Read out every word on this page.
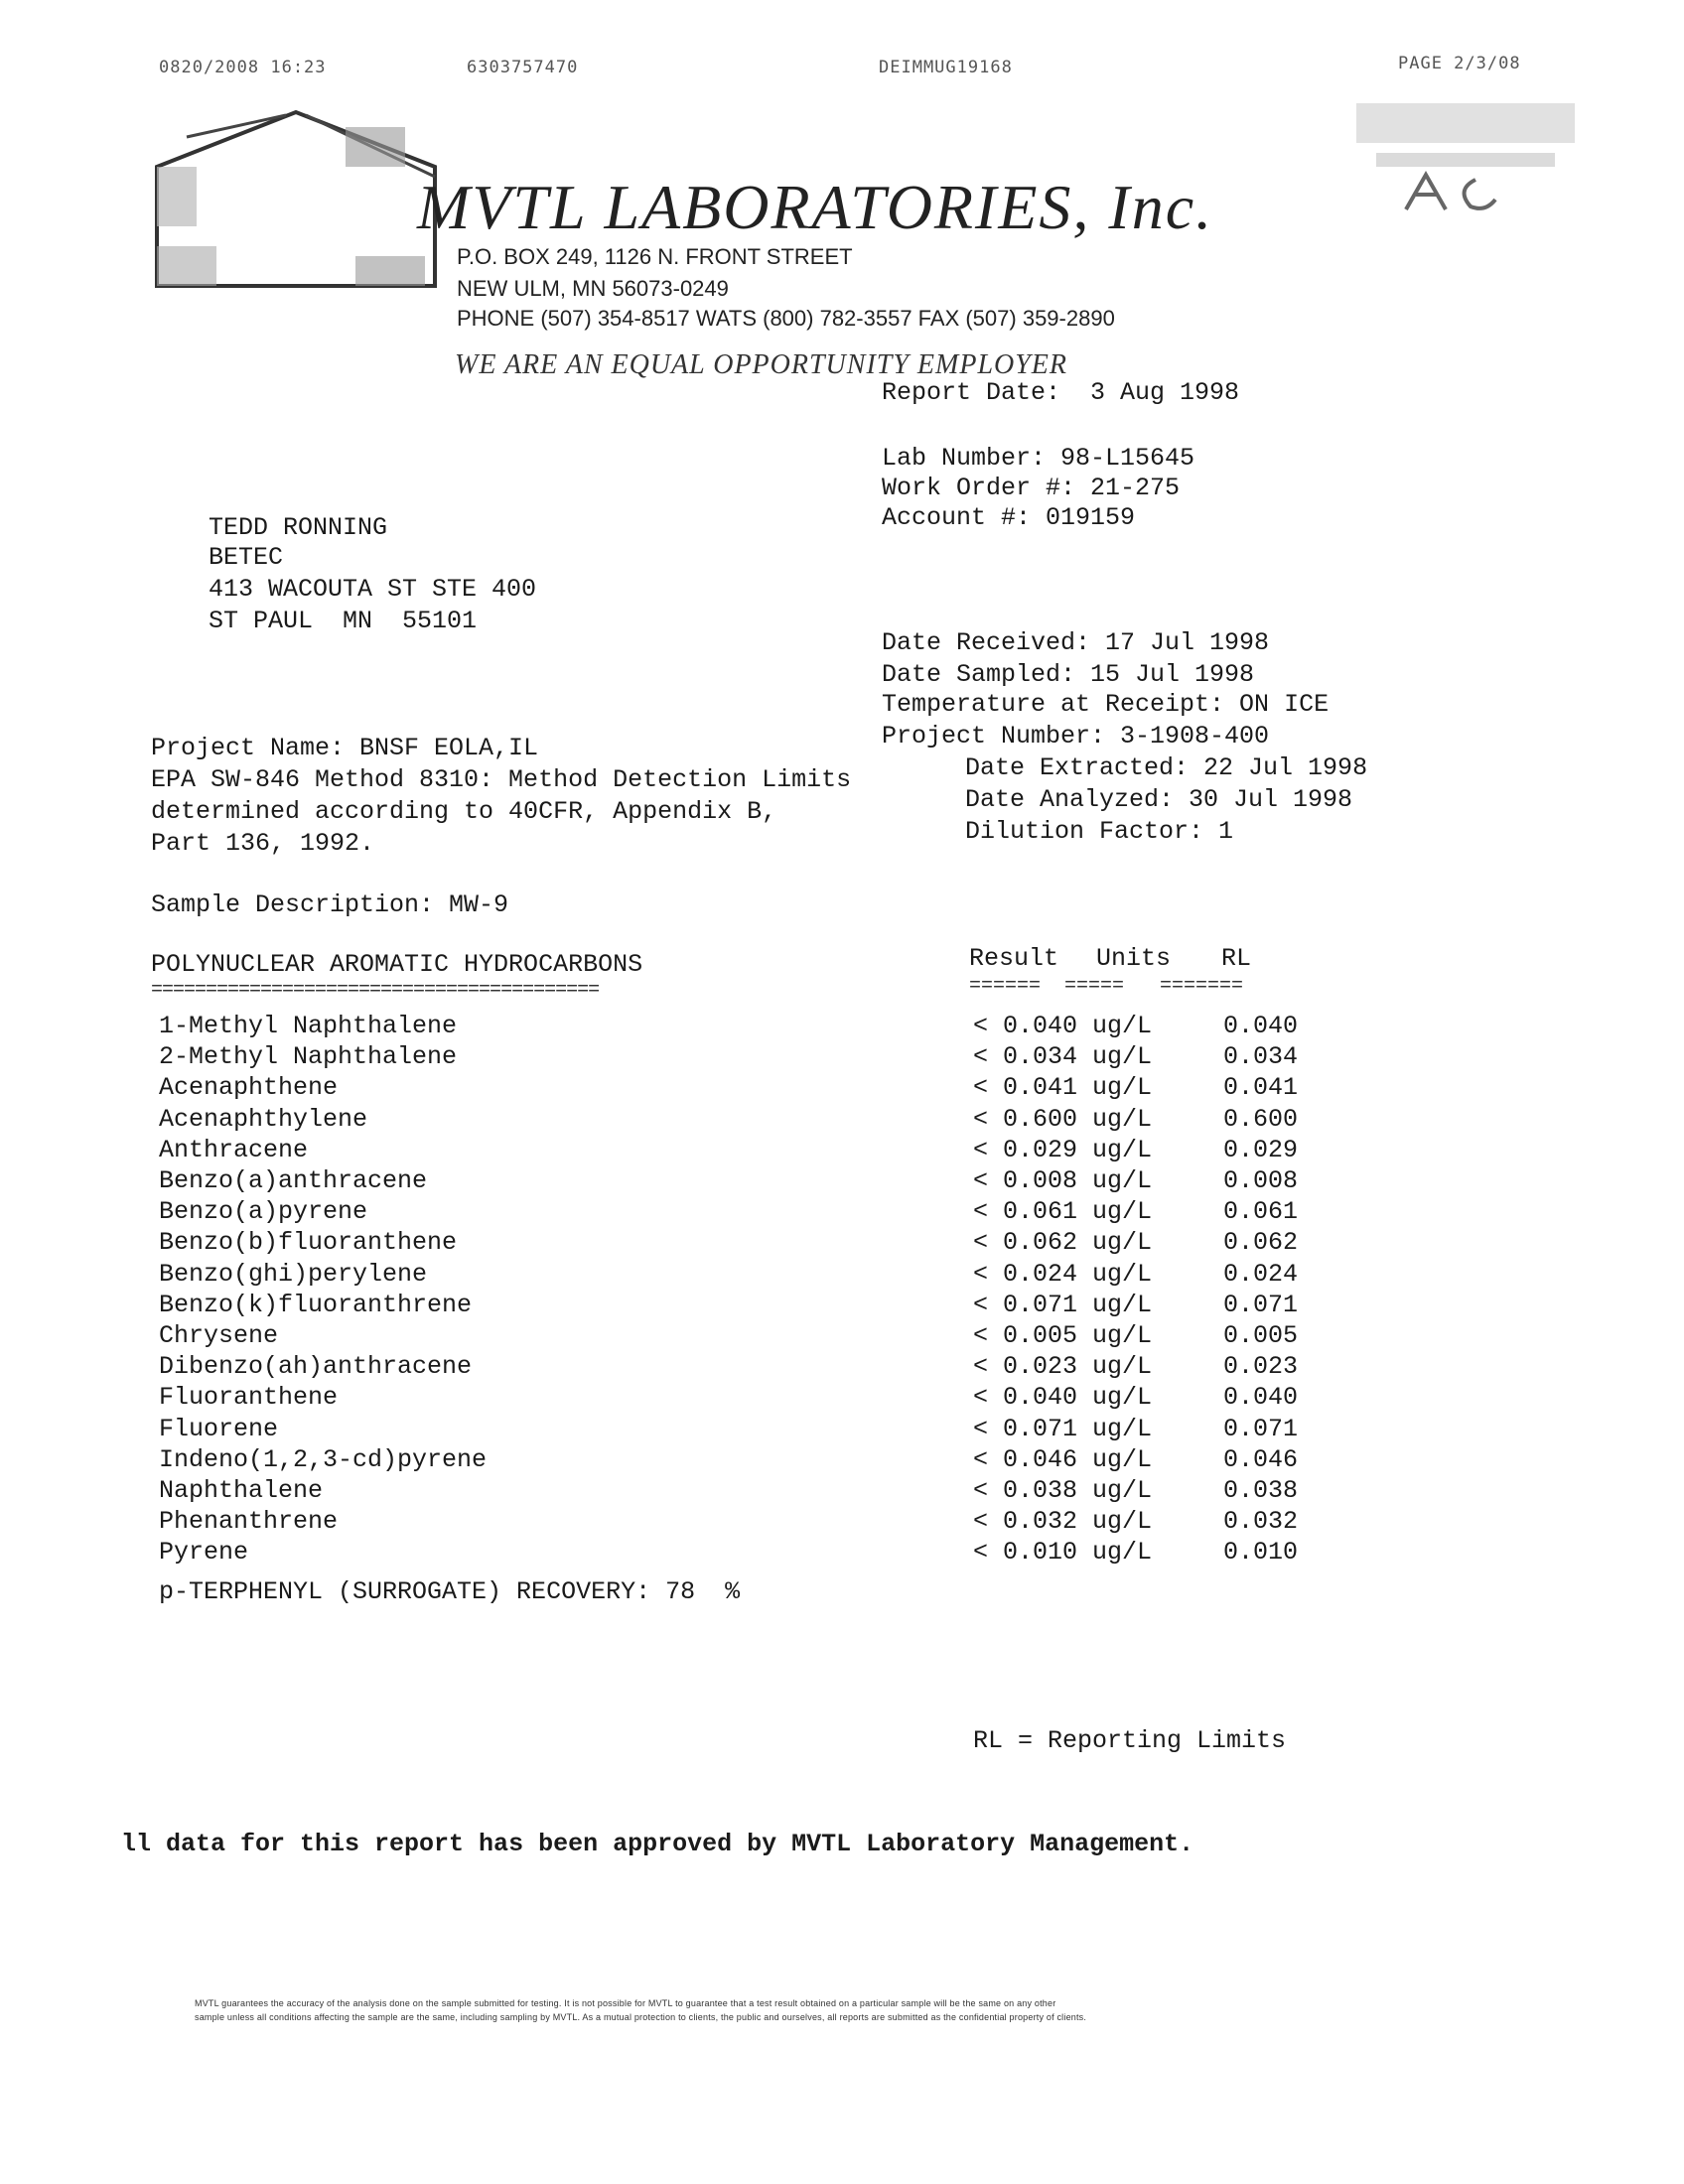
0820/2008 16:23	6303757470	DEIMMUG19168	PAGE 2/3/08
MVTL LABORATORIES, Inc.
P.O. BOX 249, 1126 N. FRONT STREET
NEW ULM, MN 56073-0249
PHONE (507) 354-8517 WATS (800) 782-3557 FAX (507) 359-2890
WE ARE AN EQUAL OPPORTUNITY EMPLOYER
Report Date:  3 Aug 1998
Lab Number: 98-L15645
Work Order #: 21-275
Account #: 019159
TEDD RONNING
BETEC
413 WACOUTA ST STE 400
ST PAUL  MN  55101
Date Received: 17 Jul 1998
Date Sampled: 15 Jul 1998
Temperature at Receipt: ON ICE
Project Number: 3-1908-400
Project Name: BNSF EOLA,IL
EPA SW-846 Method 8310: Method Detection Limits
determined according to 40CFR, Appendix B,
Part 136, 1992.
Date Extracted: 22 Jul 1998
Date Analyzed: 30 Jul 1998
Dilution Factor: 1
Sample Description: MW-9
POLYNUCLEAR AROMATIC HYDROCARBONS
=========================================
Result Units RL
======  =====   =======
1-Methyl Naphthalene	< 0.040 ug/L	0.040
2-Methyl Naphthalene	< 0.034 ug/L	0.034
Acenaphthene	< 0.041 ug/L	0.041
Acenaphthylene	< 0.600 ug/L	0.600
Anthracene	< 0.029 ug/L	0.029
Benzo(a)anthracene	< 0.008 ug/L	0.008
Benzo(a)pyrene	< 0.061 ug/L	0.061
Benzo(b)fluoranthene	< 0.062 ug/L	0.062
Benzo(ghi)perylene	< 0.024 ug/L	0.024
Benzo(k)fluoranthrene	< 0.071 ug/L	0.071
Chrysene	< 0.005 ug/L	0.005
Dibenzo(ah)anthracene	< 0.023 ug/L	0.023
Fluoranthene	< 0.040 ug/L	0.040
Fluorene	< 0.071 ug/L	0.071
Indeno(1,2,3-cd)pyrene	< 0.046 ug/L	0.046
Naphthalene	< 0.038 ug/L	0.038
Phenanthrene	< 0.032 ug/L	0.032
Pyrene	< 0.010 ug/L	0.010
p-TERPHENYL (SURROGATE) RECOVERY: 78  %
RL = Reporting Limits
ll data for this report has been approved by MVTL Laboratory Management.
MVTL guarantees the accuracy of the analysis done on the sample submitted for testing. It is not possible for MVTL to guarantee that a test result obtained on a particular sample will be the same on any other
sample unless all conditions affecting the sample are the same, including sampling by MVTL. As a mutual protection to clients, the public and ourselves, all reports are submitted as the confidential property of clients.
